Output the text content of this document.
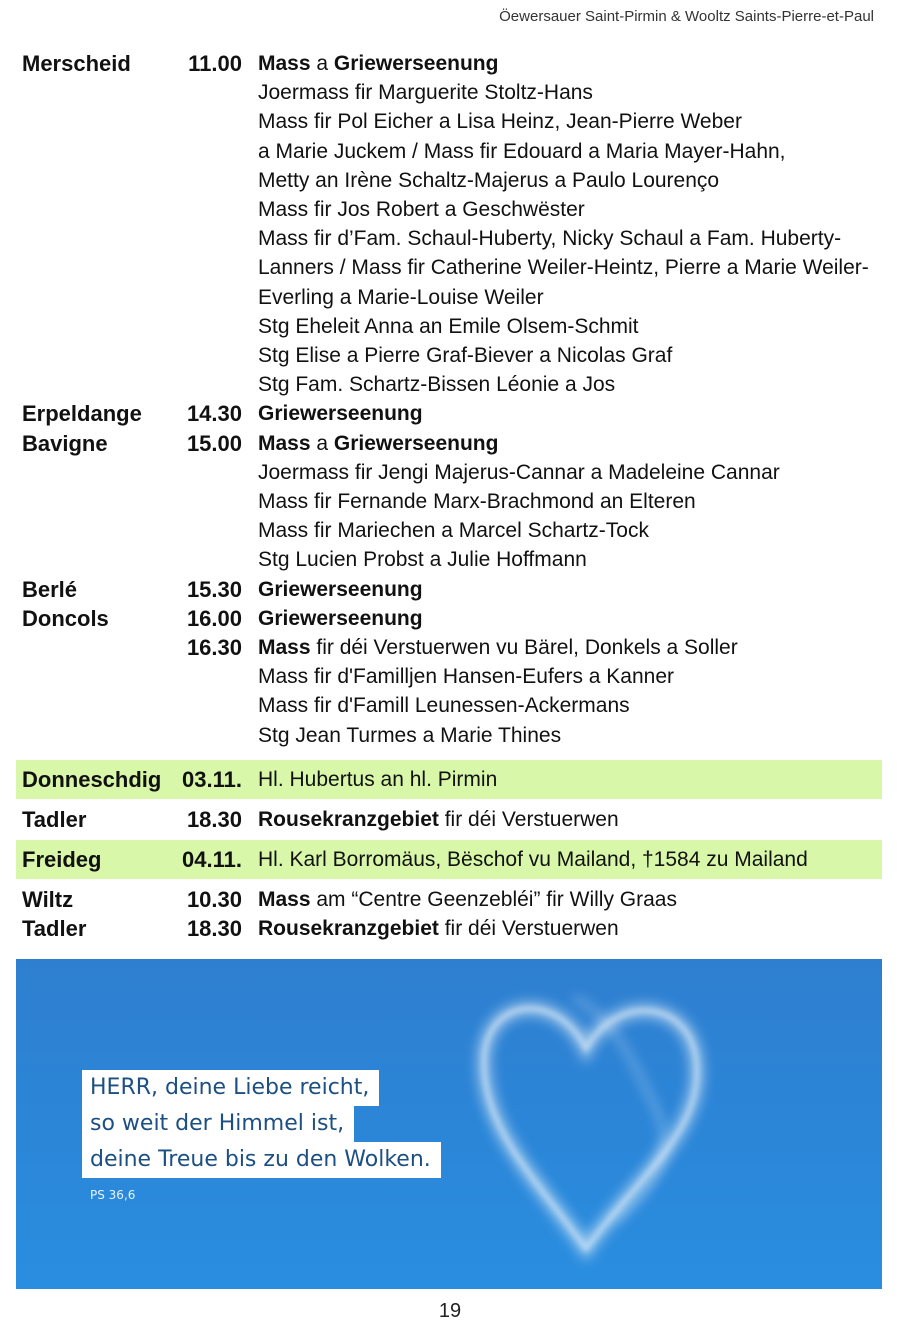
Öewersauer Saint-Pirmin & Wooltz Saints-Pierre-et-Paul
Merscheid	11.00 Mass a Griewerseenung
Joermass fir Marguerite Stoltz-Hans
Mass fir Pol Eicher a Lisa Heinz, Jean-Pierre Weber
a Marie Juckem / Mass fir Edouard a Maria Mayer-Hahn,
Metty an Irène Schaltz-Majerus a Paulo Lourenço
Mass fir Jos Robert a Geschwëster
Mass fir d’Fam. Schaul-Huberty, Nicky Schaul a Fam. Huberty-
Lanners / Mass fir Catherine Weiler-Heintz, Pierre a Marie Weiler-
Everling a Marie-Louise Weiler
Stg Eheleit Anna an Emile Olsem-Schmit
Stg Elise a Pierre Graf-Biever a Nicolas Graf
Stg Fam. Schartz-Bissen Léonie a Jos
Erpeldange	14.30 Griewerseenung
Bavigne	15.00 Mass a Griewerseenung
Joermass fir Jengi Majerus-Cannar a Madeleine Cannar
Mass fir Fernande Marx-Brachmond an Elteren
Mass fir Mariechen a Marcel Schartz-Tock
Stg Lucien Probst a Julie Hoffmann
Berlé	15.30 Griewerseenung
Doncols	16.00 Griewerseenung
16.30 Mass fir déi Verstuerwen vu Bärel, Donkels a Soller
Mass fir d'Familljen Hansen-Eufers a Kanner
Mass fir d'Famill Leunessen-Ackermans
Stg Jean Turmes a Marie Thines
Donneschdig 03.11. Hl. Hubertus an hl. Pirmin
Tadler	18.30 Rousekranzgebiet fir déi Verstuerwen
Freideg	04.11. Hl. Karl Borromäus, Bëschof vu Mailand, †1584 zu Mailand
Wiltz	10.30 Mass am “Centre Geenzebléi” fir Willy Graas
Tadler	18.30 Rousekranzgebiet fir déi Verstuerwen
HERR, deine Liebe reicht,
so weit der Himmel ist,
deine Treue bis zu den Wolken.
PS 36,6
19
